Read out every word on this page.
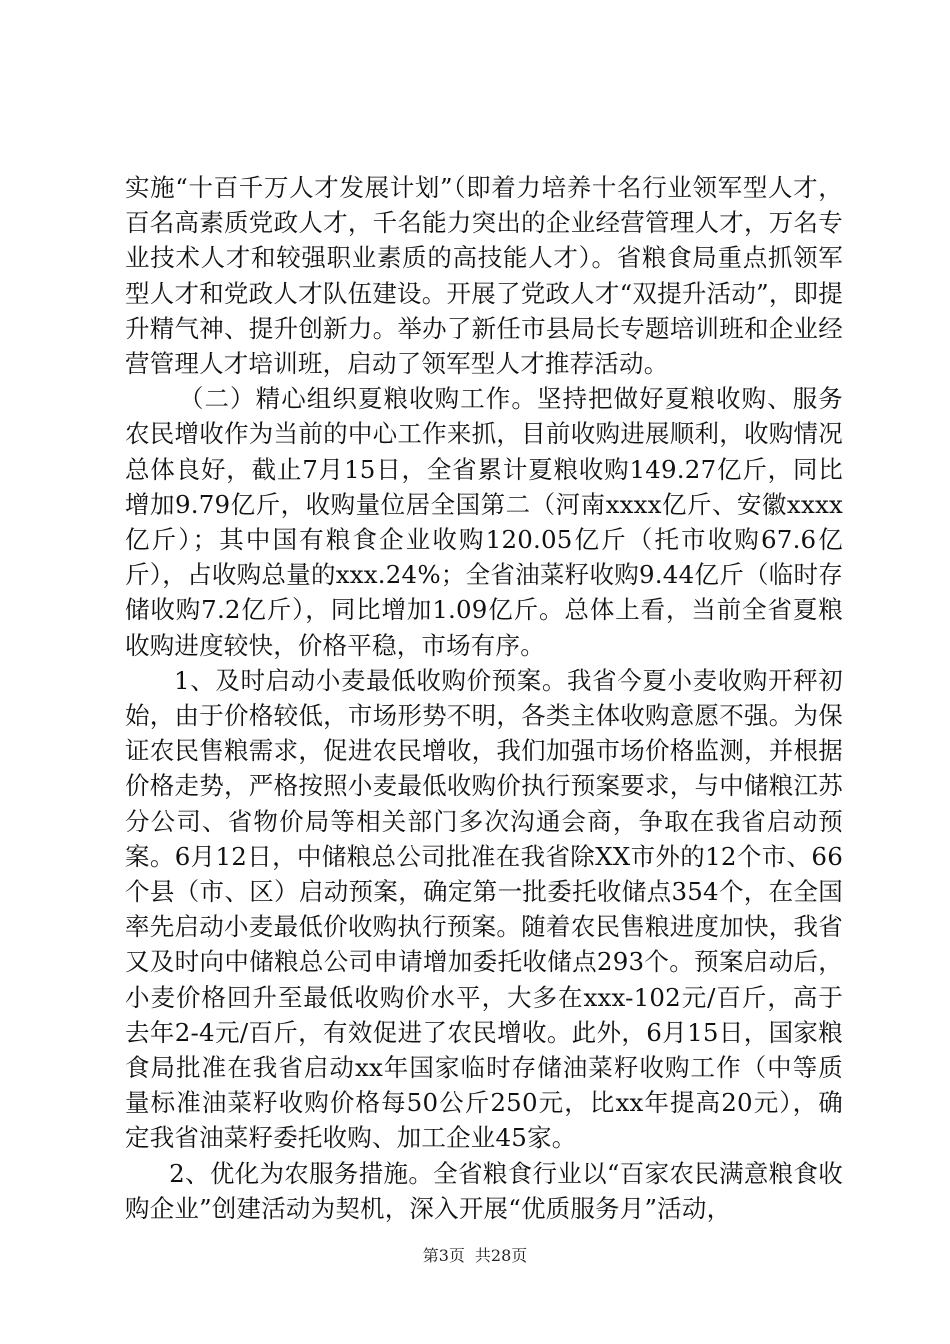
实施“十百千万人才发展计划”（即着力培养十名行业领军型人才，百名高素质党政人才，千名能力突出的企业经营管理人才，万名专业技术人才和较强职业素质的高技能人才）。省粮食局重点抓领军型人才和党政人才队伍建设。开展了党政人才“双提升活动”，即提升精气神、提升创新力。举办了新任市县局长专题培训班和企业经营管理人才培训班，启动了领军型人才推荐活动。

（二）精心组织夏粮收购工作。坚持把做好夏粮收购、服务农民增收作为当前的中心工作来抓，目前收购进展顺利，收购情况总体良好，截止7月15日，全省累计夏粮收购149.27亿斤，同比增加9.79亿斤，收购量位居全国第二（河南xxxx亿斤、安徽xxxx亿斤）；其中国有粮食企业收购120.05亿斤（托市收购67.6亿斤），占收购总量的xxx.24%；全省油菜籽收购9.44亿斤（临时存储收购7.2亿斤），同比增加1.09亿斤。总体上看，当前全省夏粮收购进度较快，价格平稳，市场有序。

1、及时启动小麦最低收购价预案。我省今夏小麦收购开秤初始，由于价格较低，市场形势不明，各类主体收购意愿不强。为保证农民售粮需求，促进农民增收，我们加强市场价格监测，并根据价格走势，严格按照小麦最低收购价执行预案要求，与中储粮江苏分公司、省物价局等相关部门多次沟通会商，争取在我省启动预案。6月12日，中储粮总公司批准在我省除XX市外的12个市、66个县（市、区）启动预案，确定第一批委托收储点354个，在全国率先启动小麦最低价收购执行预案。随着农民售粮进度加快，我省又及时向中储粮总公司申请增加委托收储点293个。预案启动后，小麦价格回升至最低收购价水平，大多在xxx-102元/百斤，高于去年2-4元/百斤，有效促进了农民增收。此外，6月15日，国家粮食局批准在我省启动xx年国家临时存储油菜籽收购工作（中等质量标准油菜籽收购价格每50公斤250元，比xx年提高20元），确定我省油菜籽委托收购、加工企业45家。

2、优化为农服务措施。全省粮食行业以“百家农民满意粮食收购企业”创建活动为契机，深入开展“优质服务月”活动，

第3页 共28页
